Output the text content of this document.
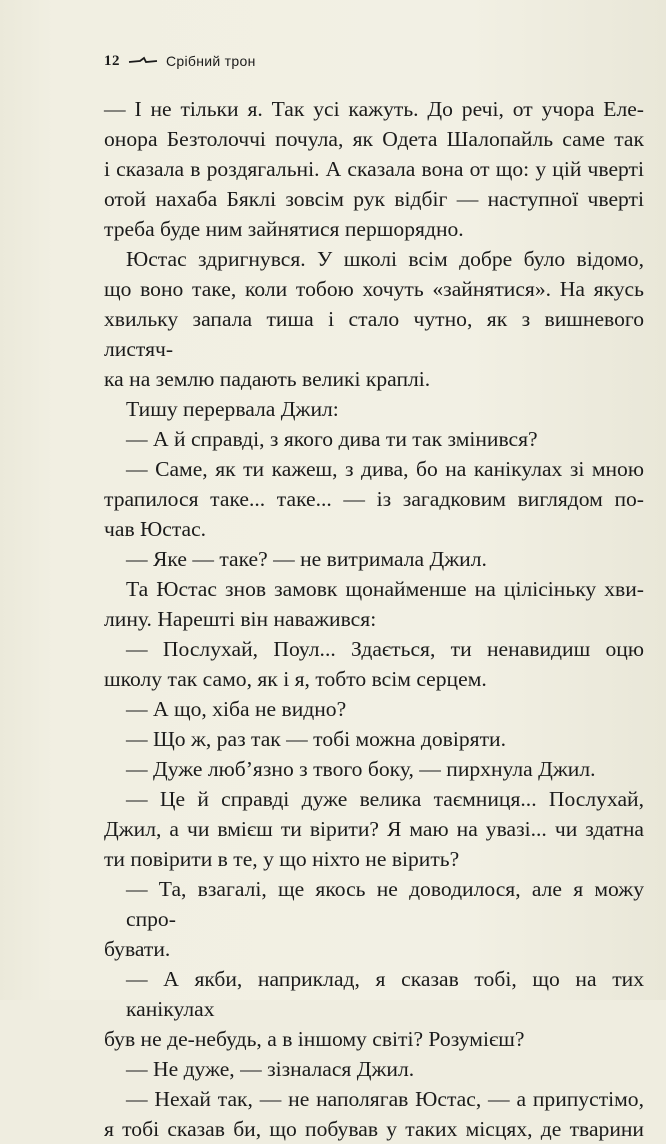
12	Срібний трон
— І не тільки я. Так усі кажуть. До речі, от учора Еле-
онора Безтолоччі почула, як Одета Шалопайль саме так
і сказала в роздягальні. А сказала вона от що: у цій чверті
отой нахаба Бяклі зовсім рук відбіг — наступної чверті
треба буде ним зайнятися першорядно.
Юстас здригнувся. У школі всім добре було відомо,
що воно таке, коли тобою хочуть «зайнятися». На якусь
хвильку запала тиша і стало чутно, як з вишневого листяч-
ка на землю падають великі краплі.
Тишу перервала Джил:
— А й справді, з якого дива ти так змінився?
— Саме, як ти кажеш, з дива, бо на канікулах зі мною
трапилося таке... таке... — із загадковим виглядом по-
чав Юстас.
— Яке — таке? — не витримала Джил.
Та Юстас знов замовк щонайменше на цілісіньку хви-
лину. Нарешті він наважився:
— Послухай, Поул... Здається, ти ненавидиш оцю
школу так само, як і я, тобто всім серцем.
— А що, хіба не видно?
— Що ж, раз так — тобі можна довіряти.
— Дуже люб’язно з твого боку, — пирхнула Джил.
— Це й справді дуже велика таємниця... Послухай,
Джил, а чи вмієш ти вірити? Я маю на увазі... чи здатна
ти повірити в те, у що ніхто не вірить?
— Та, взагалі, ще якось не доводилося, але я можу спро-
бувати.
— А якби, наприклад, я сказав тобі, що на тих канікулах
був не де-небудь, а в іншому світі? Розумієш?
— Не дуже, — зізналася Джил.
— Нехай так, — не наполягав Юстас, — а припустімо,
я тобі сказав би, що побував у таких місцях, де тварини
